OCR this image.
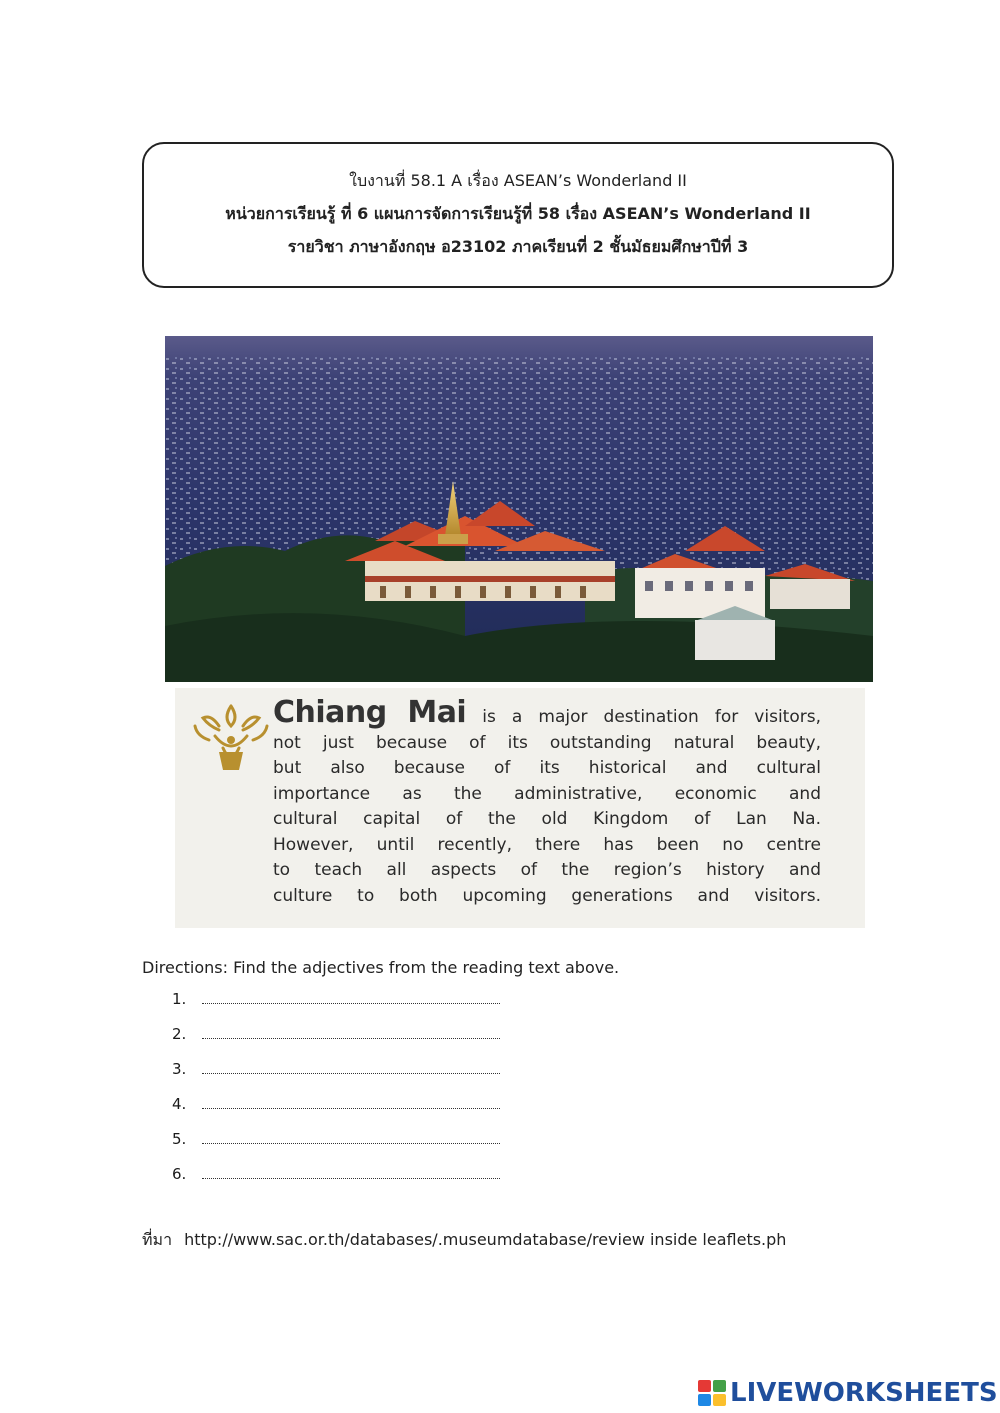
ใบงานที่ 58.1 A เรื่อง ASEAN’s Wonderland II
หน่วยการเรียนรู้ ที่ 6 แผนการจัดการเรียนรู้ที่ 58 เรื่อง ASEAN’s Wonderland II
รายวิชา ภาษาอังกฤษ อ23102 ภาคเรียนที่ 2 ชั้นมัธยมศึกษาปีที่ 3
Chiang Mai is a major destination for visitors,
not just because of its outstanding natural beauty,
but also because of its historical and cultural
importance as the administrative, economic and
cultural capital of the old Kingdom of Lan Na.
However, until recently, there has been no centre
to teach all aspects of the region’s history and
culture to both upcoming generations and visitors.
Directions: Find the adjectives from the reading text above.
1.
2.
3.
4.
5.
6.
ที่มา http://www.sac.or.th/databases/.museumdatabase/review inside leaflets.ph
LIVEWORKSHEETS
